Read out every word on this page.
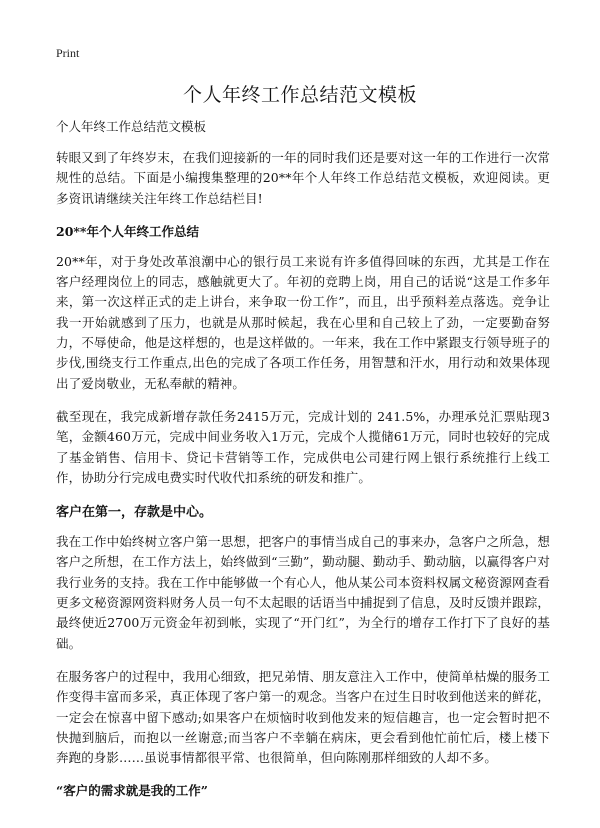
Print
个人年终工作总结范文模板
个人年终工作总结范文模板

转眼又到了年终岁末，在我们迎接新的一年的同时我们还是要对这一年的工作进行一次常规性的总结。下面是小编搜集整理的20**年个人年终工作总结范文模板，欢迎阅读。更多资讯请继续关注年终工作总结栏目!

20**年个人年终工作总结

20**年，对于身处改革浪潮中心的银行员工来说有许多值得回味的东西，尤其是工作在客户经理岗位上的同志，感触就更大了。年初的竞聘上岗，用自己的话说“这是工作多年来，第一次这样正式的走上讲台，来争取一份工作”，而且，出乎预料差点落选。竞争让我一开始就感到了压力，也就是从那时候起，我在心里和自己较上了劲，一定要勤奋努力，不辱使命，他是这样想的，也是这样做的。一年来，我在工作中紧跟支行领导班子的步伐,围绕支行工作重点,出色的完成了各项工作任务，用智慧和汗水，用行动和效果体现出了爱岗敬业，无私奉献的精神。

截至现在，我完成新增存款任务2415万元，完成计划的 241.5%，办理承兑汇票贴现3笔，金额460万元，完成中间业务收入1万元，完成个人揽储61万元，同时也较好的完成了基金销售、信用卡、贷记卡营销等工作，完成供电公司建行网上银行系统推行上线工作，协助分行完成电费实时代收代扣系统的研发和推广。

客户在第一，存款是中心。

我在工作中始终树立客户第一思想，把客户的事情当成自己的事来办，急客户之所急，想客户之所想，在工作方法上，始终做到“三勤”，勤动腿、勤动手、勤动脑，以赢得客户对我行业务的支持。我在工作中能够做一个有心人，他从某公司本资料权属文秘资源网查看更多文秘资源网资料财务人员一句不太起眼的话语当中捕捉到了信息，及时反馈并跟踪，最终使近2700万元资金年初到帐，实现了“开门红”，为全行的增存工作打下了良好的基础。

在服务客户的过程中，我用心细致，把兄弟情、朋友意注入工作中，使简单枯燥的服务工作变得丰富而多采，真正体现了客户第一的观念。当客户在过生日时收到他送来的鲜花，一定会在惊喜中留下感动;如果客户在烦恼时收到他发来的短信趣言，也一定会暂时把不快抛到脑后，而抱以一丝谢意;而当客户不幸躺在病床，更会看到他忙前忙后，楼上楼下奔跑的身影……虽说事情都很平常、也很简单，但向陈刚那样细致的人却不多。

“客户的需求就是我的工作”
